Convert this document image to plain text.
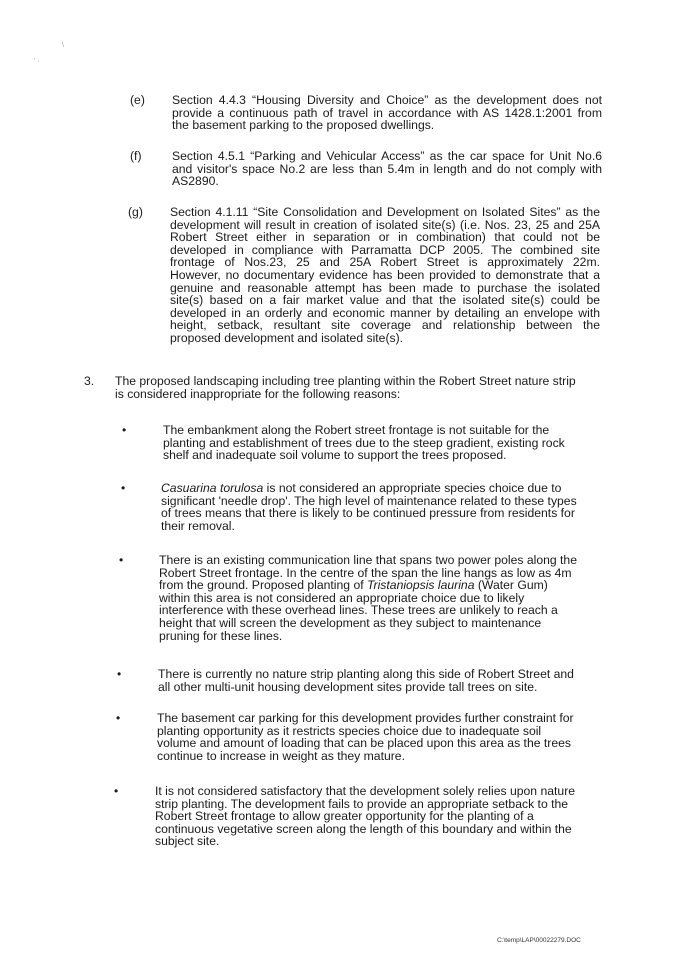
\
' ·
(e) Section 4.4.3 “Housing Diversity and Choice” as the development does not
provide a continuous path of travel in accordance with AS 1428.1:2001 from
the basement parking to the proposed dwellings.
(f) Section 4.5.1 “Parking and Vehicular Access” as the car space for Unit No.6
and visitor's space No.2 are less than 5.4m in length and do not comply with
AS2890.
(g) Section 4.1.11 “Site Consolidation and Development on Isolated Sites” as the
development will result in creation of isolated site(s) (i.e. Nos. 23, 25 and 25A
Robert Street either in separation or in combination) that could not be
developed in compliance with Parramatta DCP 2005. The combined site
frontage of Nos.23, 25 and 25A Robert Street is approximately 22m.
However, no documentary evidence has been provided to demonstrate that a
genuine and reasonable attempt has been made to purchase the isolated
site(s) based on a fair market value and that the isolated site(s) could be
developed in an orderly and economic manner by detailing an envelope with
height, setback, resultant site coverage and relationship between the
proposed development and isolated site(s).
3. The proposed landscaping including tree planting within the Robert Street nature strip
is considered inappropriate for the following reasons:
•	The embankment along the Robert street frontage is not suitable for the
planting and establishment of trees due to the steep gradient, existing rock
shelf and inadequate soil volume to support the trees proposed.
•	Casuarina torulosa is not considered an appropriate species choice due to
significant 'needle drop'. The high level of maintenance related to these types
of trees means that there is likely to be continued pressure from residents for
their removal.
•	There is an existing communication line that spans two power poles along the
Robert Street frontage. In the centre of the span the line hangs as low as 4m
from the ground. Proposed planting of Tristaniopsis laurina (Water Gum)
within this area is not considered an appropriate choice due to likely
interference with these overhead lines. These trees are unlikely to reach a
height that will screen the development as they subject to maintenance
pruning for these lines.
•	There is currently no nature strip planting along this side of Robert Street and
all other multi-unit housing development sites provide tall trees on site.
•	The basement car parking for this development provides further constraint for
planting opportunity as it restricts species choice due to inadequate soil
volume and amount of loading that can be placed upon this area as the trees
continue to increase in weight as they mature.
•	It is not considered satisfactory that the development solely relies upon nature
strip planting. The development fails to provide an appropriate setback to the
Robert Street frontage to allow greater opportunity for the planting of a
continuous vegetative screen along the length of this boundary and within the
subject site.
C:\temp\LAP\00022279.DOC
